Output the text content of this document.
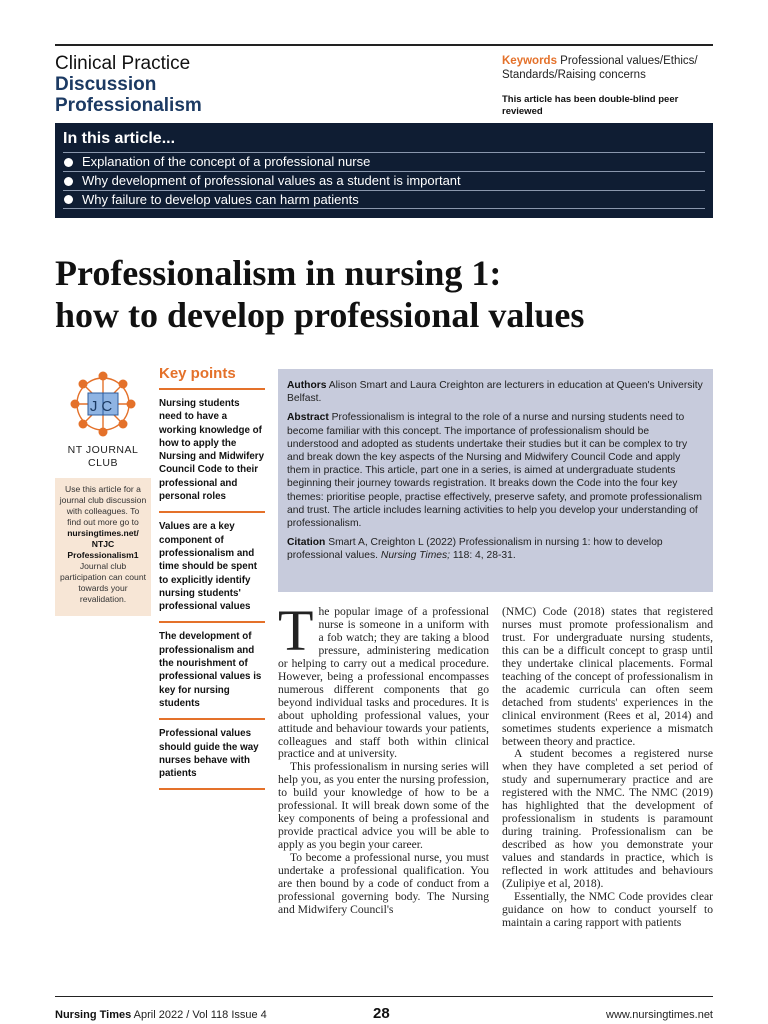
Clinical Practice
Discussion
Professionalism
Keywords Professional values/Ethics/ Standards/Raising concerns
This article has been double-blind peer reviewed
In this article...
Explanation of the concept of a professional nurse
Why development of professional values as a student is important
Why failure to develop values can harm patients
Professionalism in nursing 1:
how to develop professional values
JC
NT JOURNAL CLUB
Use this article for a journal club discussion with colleagues. To find out more go to nursingtimes.net/ NTJC Professionalism1 Journal club participation can count towards your revalidation.
Key points
Nursing students need to have a working knowledge of how to apply the Nursing and Midwifery Council Code to their professional and personal roles
Values are a key component of professionalism and time should be spent to explicitly identify nursing students' professional values
The development of professionalism and the nourishment of professional values is key for nursing students
Professional values should guide the way nurses behave with patients

Authors Alison Smart and Laura Creighton are lecturers in education at Queen's University Belfast.

Abstract Professionalism is integral to the role of a nurse and nursing students need to become familiar with this concept. The importance of professionalism should be understood and adopted as students undertake their studies but it can be complex to try and break down the key aspects of the Nursing and Midwifery Council Code and apply them in practice. This article, part one in a series, is aimed at undergraduate students beginning their journey towards registration. It breaks down the Code into the four key themes: prioritise people, practise effectively, preserve safety, and promote professionalism and trust. The article includes learning activities to help you develop your understanding of professionalism.

Citation Smart A, Creighton L (2022) Professionalism in nursing 1: how to develop professional values. Nursing Times; 118: 4, 28-31.

The popular image of a professional nurse is someone in a uniform with a fob watch; they are taking a blood pressure, administering medication or helping to carry out a medical procedure. However, being a professional encompasses numerous different components that go beyond individual tasks and procedures. It is about upholding professional values, your attitude and behaviour towards your patients, colleagues and staff both within clinical practice and at university.

This professionalism in nursing series will help you, as you enter the nursing profession, to build your knowledge of how to be a professional. It will break down some of the key components of being a professional and provide practical advice you will be able to apply as you begin your career.

To become a professional nurse, you must undertake a professional qualification. You are then bound by a code of conduct from a professional governing body. The Nursing and Midwifery Council's

(NMC) Code (2018) states that registered nurses must promote professionalism and trust. For undergraduate nursing students, this can be a difficult concept to grasp until they undertake clinical placements. Formal teaching of the concept of professionalism in the academic curricula can often seem detached from students' experiences in the clinical environment (Rees et al, 2014) and sometimes students experience a mismatch between theory and practice.

A student becomes a registered nurse when they have completed a set period of study and supernumerary practice and are registered with the NMC. The NMC (2019) has highlighted that the development of professionalism in students is paramount during training. Professionalism can be described as how you demonstrate your values and standards in practice, which is reflected in work attitudes and behaviours (Zulipiye et al, 2018).

Essentially, the NMC Code provides clear guidance on how to conduct yourself to maintain a caring rapport with patients

Nursing Times April 2022 / Vol 118 Issue 4	28	www.nursingtimes.net
